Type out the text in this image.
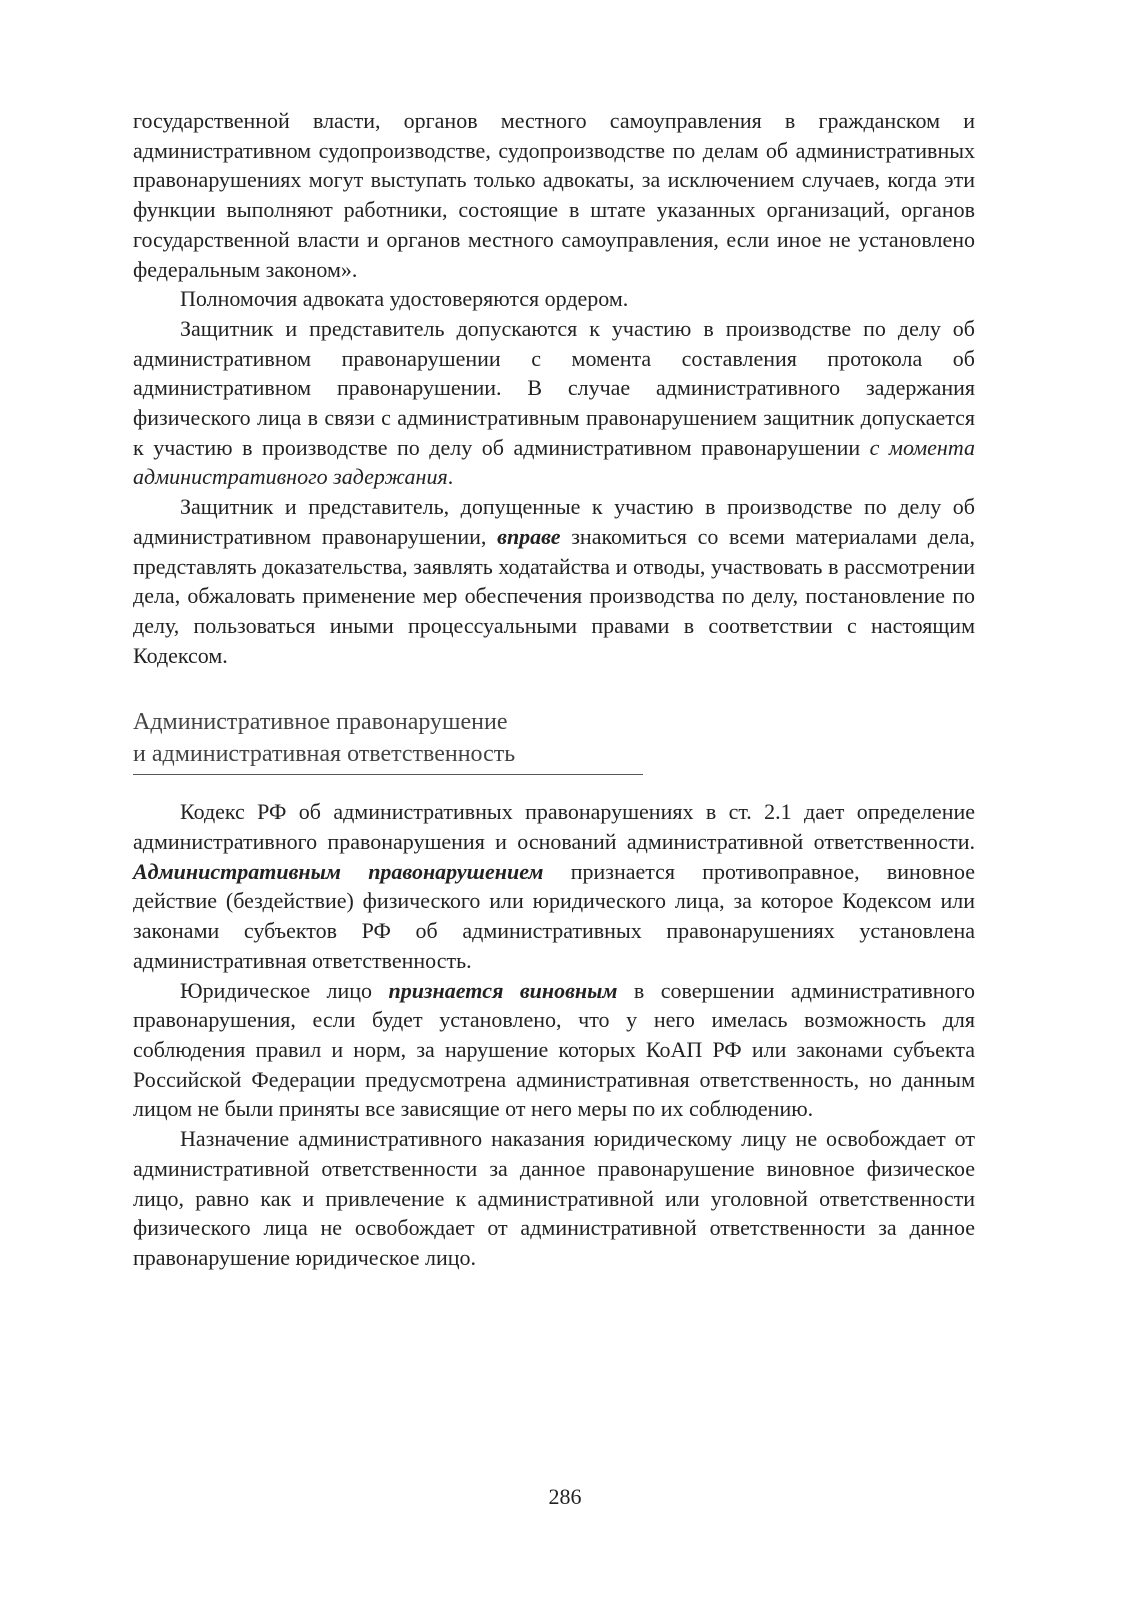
государственной власти, органов местного самоуправления в гражданском и административном судопроизводстве, судопроизводстве по делам об административных правонарушениях могут выступать только адвокаты, за исключением случаев, когда эти функции выполняют работники, состоящие в штате указанных организаций, органов государственной власти и органов местного самоуправления, если иное не установлено федеральным законом».

Полномочия адвоката удостоверяются ордером.

Защитник и представитель допускаются к участию в производстве по делу об административном правонарушении с момента составления протокола об административном правонарушении. В случае административного задержания физического лица в связи с административным правонарушением защитник допускается к участию в производстве по делу об административном правонарушении с момента административного задержания.

Защитник и представитель, допущенные к участию в производстве по делу об административном правонарушении, вправе знакомиться со всеми материалами дела, представлять доказательства, заявлять ходатайства и отводы, участвовать в рассмотрении дела, обжаловать применение мер обеспечения производства по делу, постановление по делу, пользоваться иными процессуальными правами в соответствии с настоящим Кодексом.

Административное правонарушение
и административная ответственность

Кодекс РФ об административных правонарушениях в ст. 2.1 дает определение административного правонарушения и оснований административной ответственности. Административным правонарушением признается противоправное, виновное действие (бездействие) физического или юридического лица, за которое Кодексом или законами субъектов РФ об административных правонарушениях установлена административная ответственность.

Юридическое лицо признается виновным в совершении административного правонарушения, если будет установлено, что у него имелась возможность для соблюдения правил и норм, за нарушение которых КоАП РФ или законами субъекта Российской Федерации предусмотрена административная ответственность, но данным лицом не были приняты все зависящие от него меры по их соблюдению.

Назначение административного наказания юридическому лицу не освобождает от административной ответственности за данное правонарушение виновное физическое лицо, равно как и привлечение к административной или уголовной ответственности физического лица не освобождает от административной ответственности за данное правонарушение юридическое лицо.

286
